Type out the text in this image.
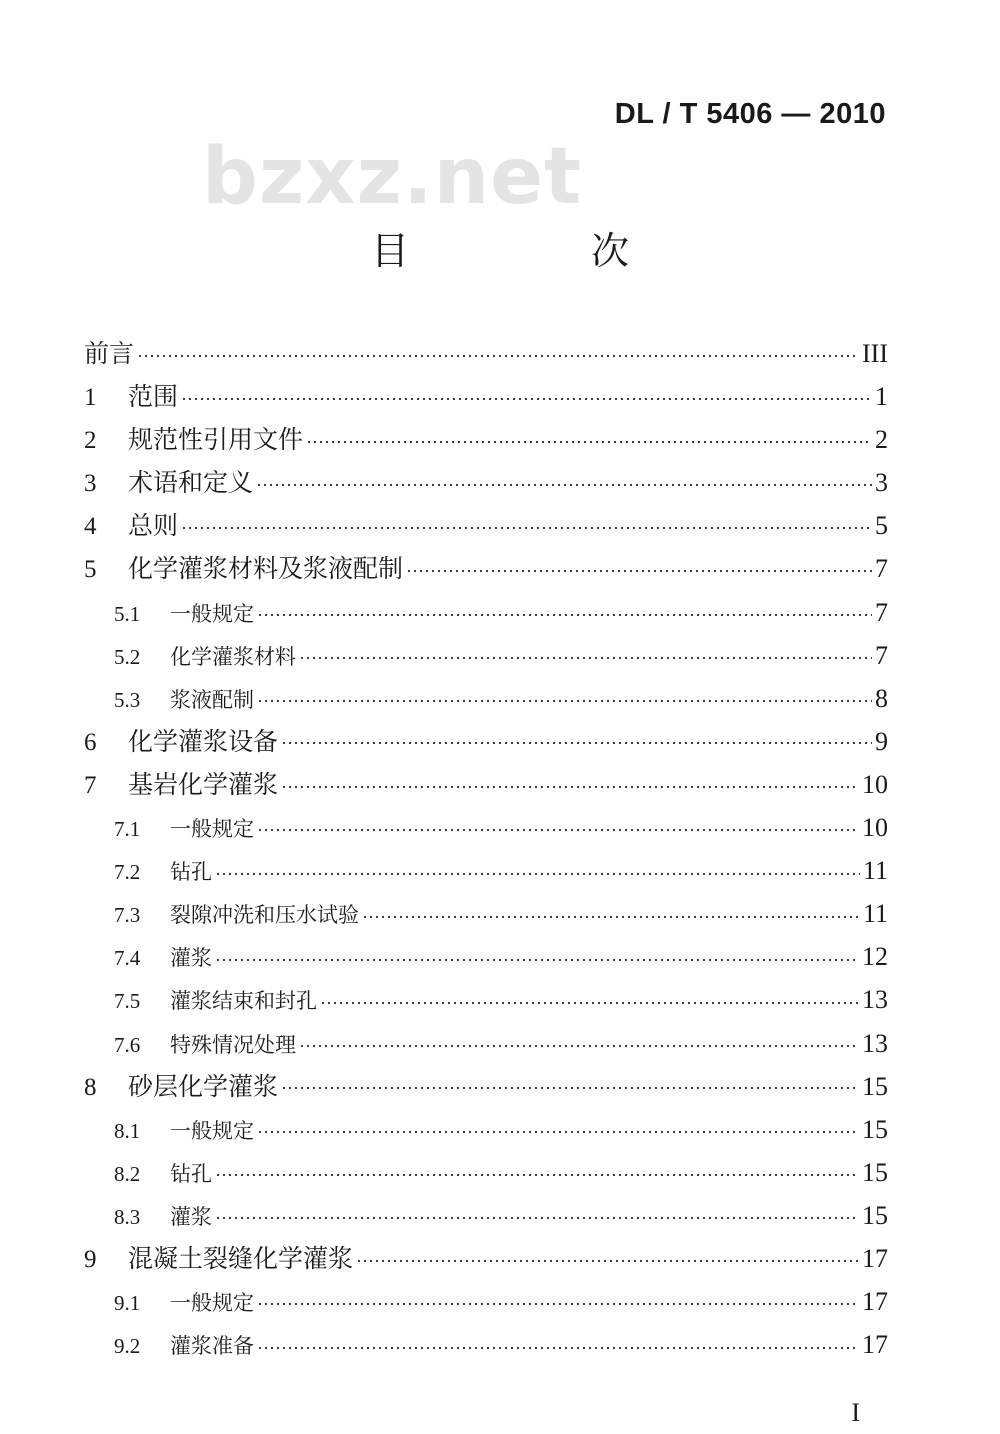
DL / T 5406 — 2010
bzxz.net
目　次
前言	III
1	范围	1
2	规范性引用文件	2
3	术语和定义	3
4	总则	5
5	化学灌浆材料及浆液配制	7
5.1	一般规定	7
5.2	化学灌浆材料	7
5.3	浆液配制	8
6	化学灌浆设备	9
7	基岩化学灌浆	10
7.1	一般规定	10
7.2	钻孔	11
7.3	裂隙冲洗和压水试验	11
7.4	灌浆	12
7.5	灌浆结束和封孔	13
7.6	特殊情况处理	13
8	砂层化学灌浆	15
8.1	一般规定	15
8.2	钻孔	15
8.3	灌浆	15
9	混凝土裂缝化学灌浆	17
9.1	一般规定	17
9.2	灌浆准备	17
I
